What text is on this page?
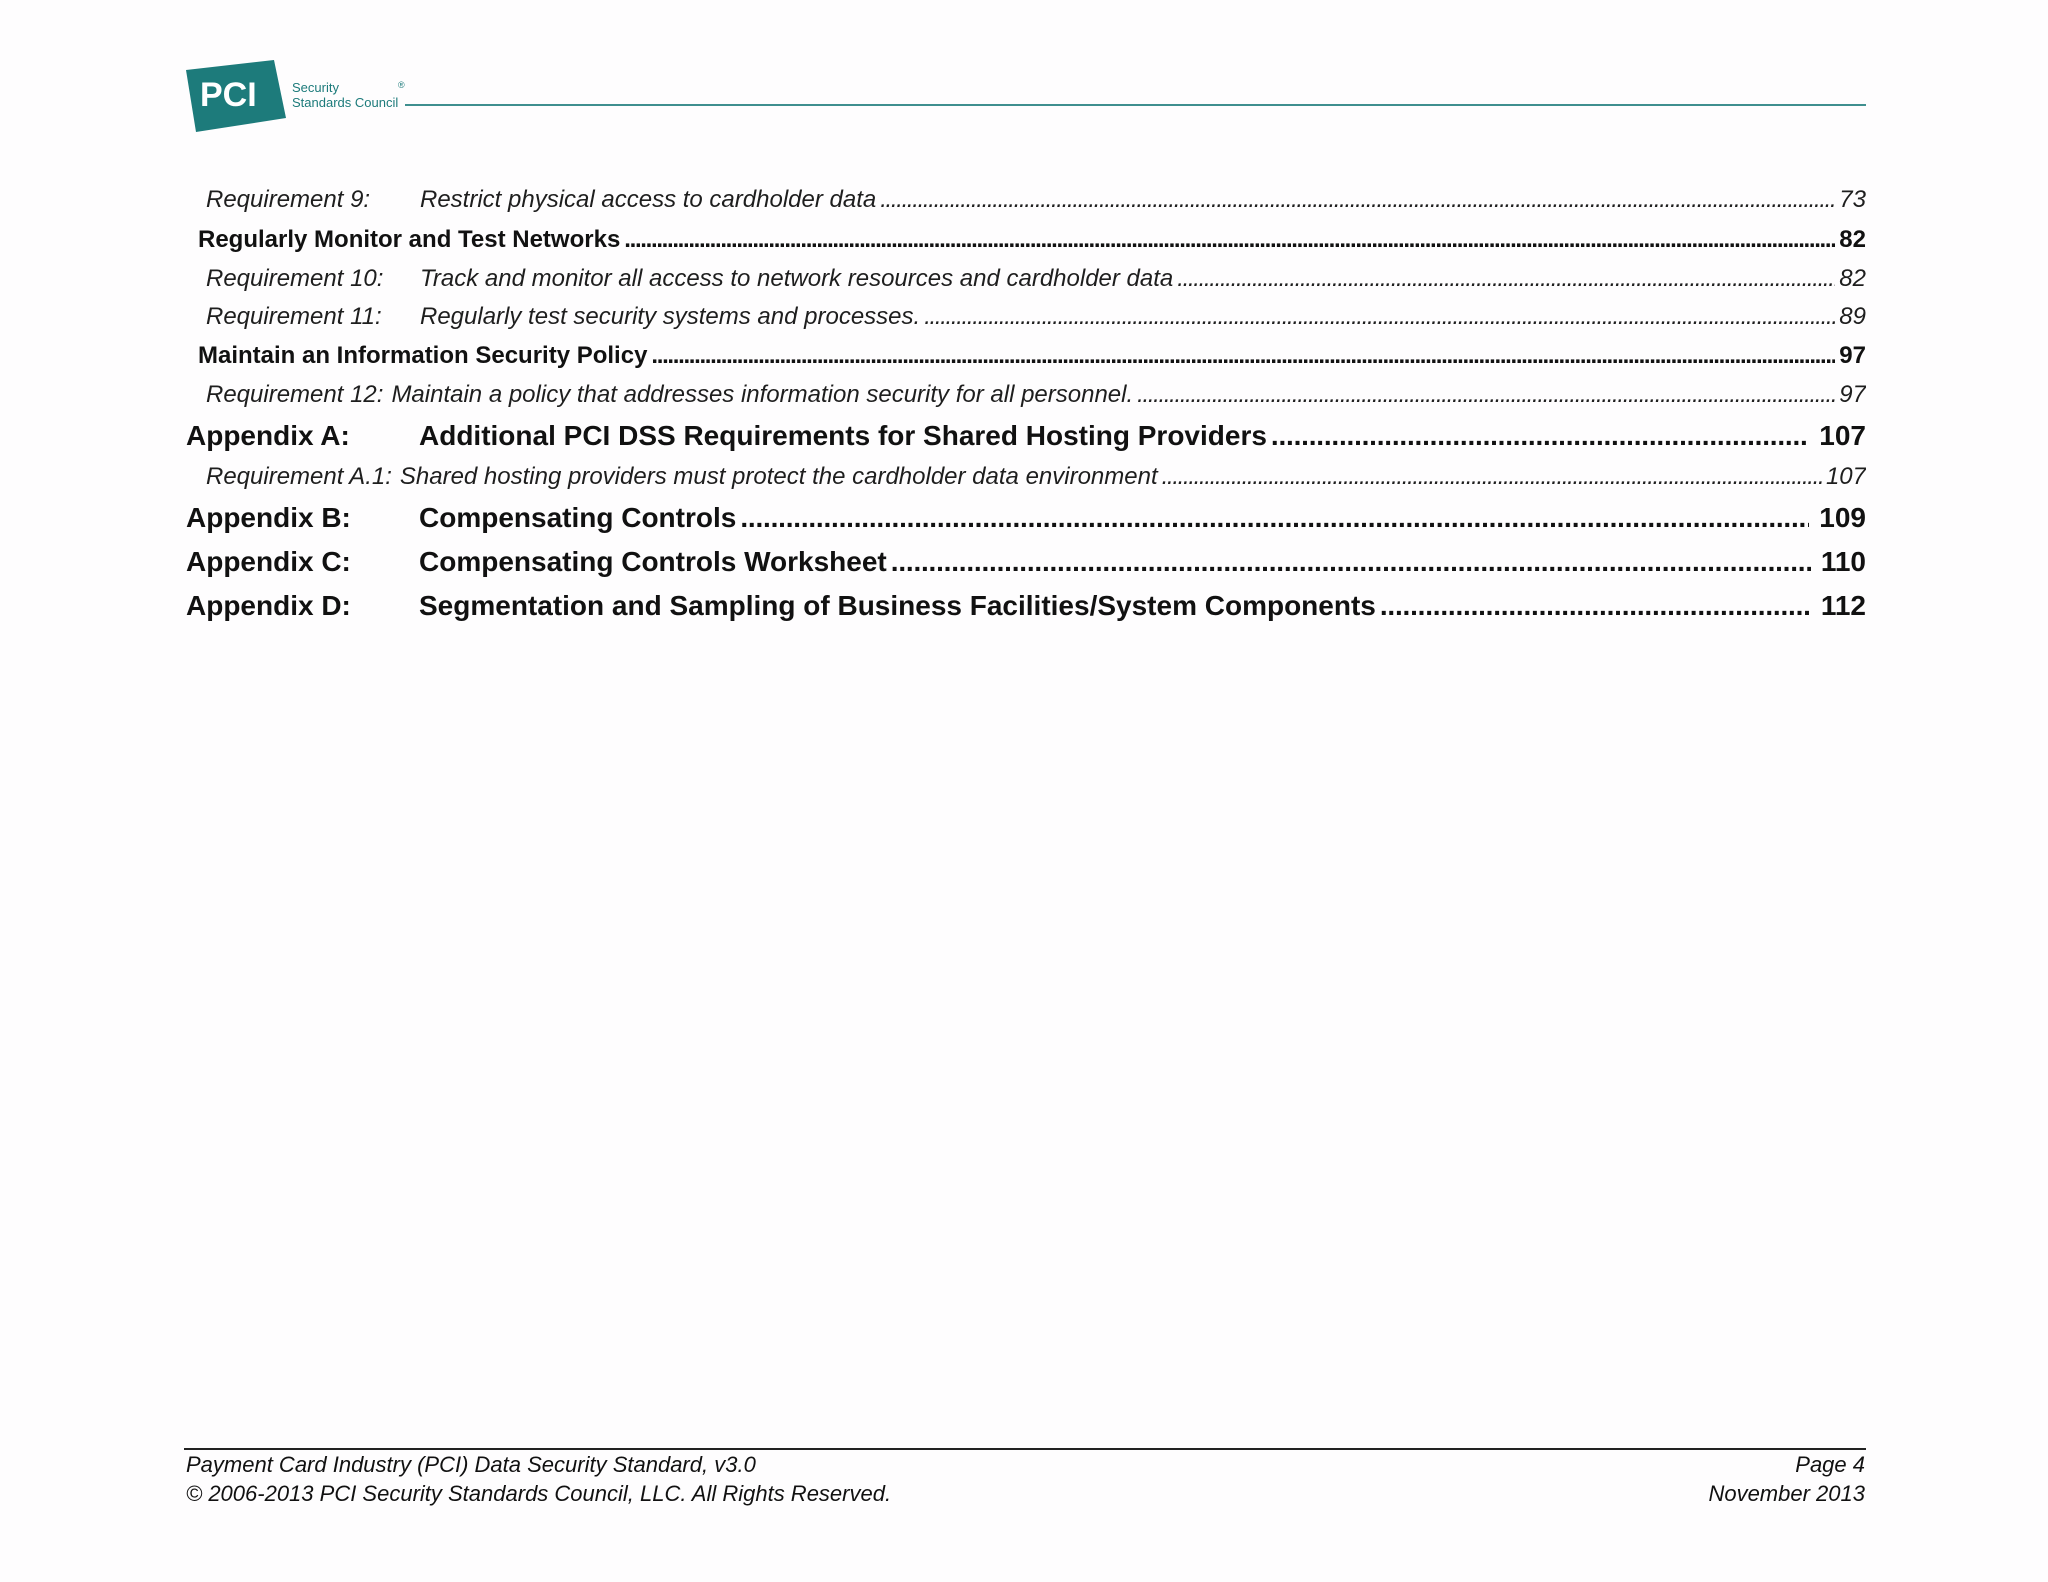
PCI	Security
Standards Council
®
Requirement 9:	Restrict physical access to cardholder data . . .	73
Regularly Monitor and Test Networks . . .	82
Requirement 10:	Track and monitor all access to network resources and cardholder data . . .	82
Requirement 11:	Regularly test security systems and processes. . . .	89
Maintain an Information Security Policy . . .	97
Requirement 12: Maintain a policy that addresses information security for all personnel. . . .	97
Appendix A:	Additional PCI DSS Requirements for Shared Hosting Providers . . .	107
Requirement A.1: Shared hosting providers must protect the cardholder data environment . . .	107
Appendix B:	Compensating Controls . . .	109
Appendix C:	Compensating Controls Worksheet . . .	110
Appendix D:	Segmentation and Sampling of Business Facilities/System Components . . .	112
Payment Card Industry (PCI) Data Security Standard, v3.0
© 2006-2013 PCI Security Standards Council, LLC. All Rights Reserved.
Page 4
November 2013
